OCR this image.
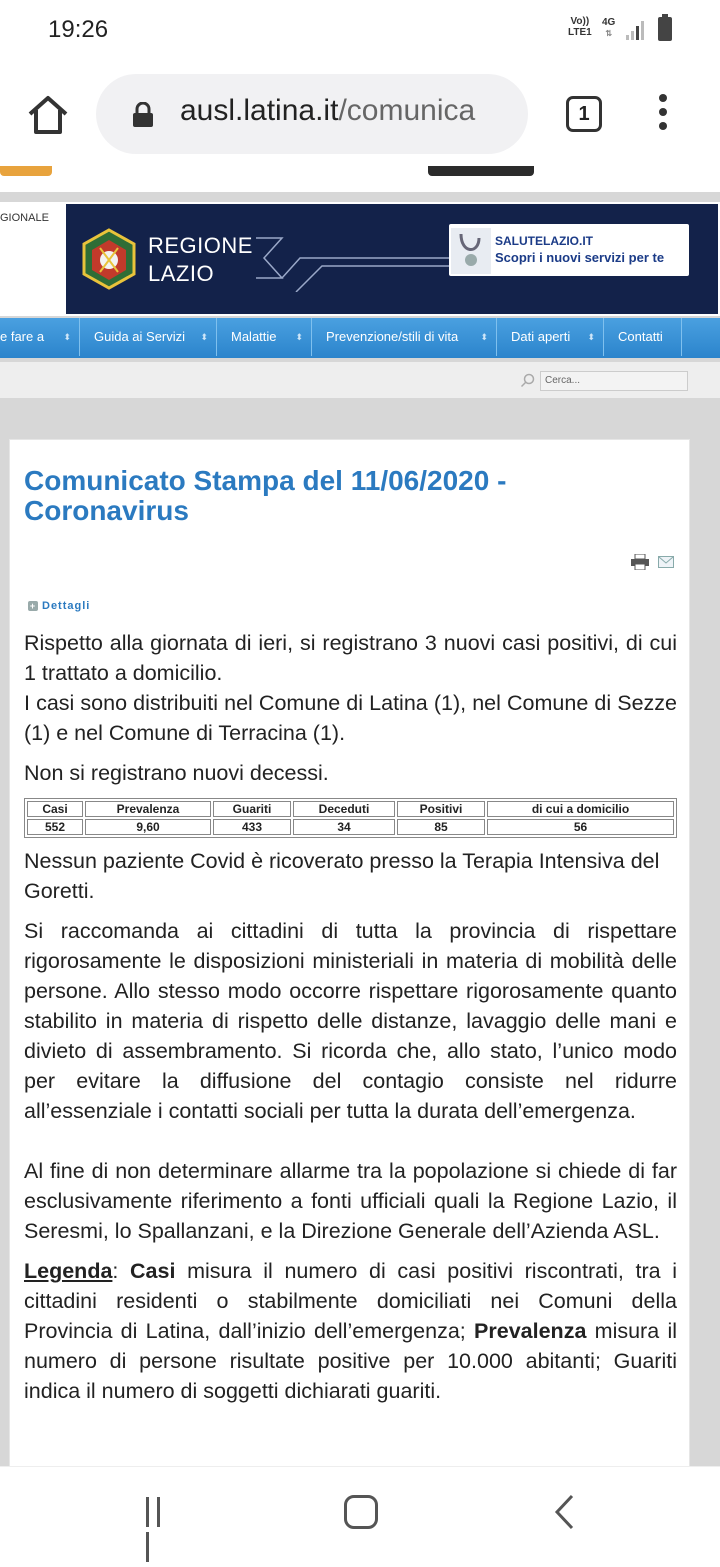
19:26	Vo))
LTE1
4G
⇅
ausl.latina.it/comunica	1
GIONALE
REGIONE
LAZIO
SALUTELAZIO.IT
Scopri i nuovi servizi per te
e fare a ⬍	Guida ai Servizi ⬍	Malattie ⬍	Prevenzione/stili di vita ⬍	Dati aperti ⬍	Contatti
Cerca...
Comunicato Stampa del 11/06/2020 - Coronavirus
+ Dettagli

Rispetto alla giornata di ieri, si registrano 3 nuovi casi positivi, di cui 1 trattato a domicilio.

I casi sono distribuiti nel Comune di Latina (1), nel Comune di Sezze (1) e nel Comune di Terracina (1).

Non si registrano nuovi decessi.

Casi	Prevalenza	Guariti	Deceduti	Positivi	di cui a domicilio
552	9,60	433	34	85	56

Nessun paziente Covid è ricoverato presso la Terapia Intensiva del Goretti.

Si raccomanda ai cittadini di tutta la provincia di rispettare rigorosamente le disposizioni ministeriali in materia di mobilità delle persone. Allo stesso modo occorre rispettare rigorosamente quanto stabilito in materia di rispetto delle distanze, lavaggio delle mani e divieto di assembramento. Si ricorda che, allo stato, l’unico modo per evitare la diffusione del contagio consiste nel ridurre all’essenziale i contatti sociali per tutta la durata dell’emergenza.

Al fine di non determinare allarme tra la popolazione si chiede di far esclusivamente riferimento a fonti ufficiali quali la Regione Lazio, il Seresmi, lo Spallanzani, e la Direzione Generale dell’Azienda ASL.

Legenda: Casi misura il numero di casi positivi riscontrati, tra i cittadini residenti o stabilmente domiciliati nei Comuni della Provincia di Latina, dall’inizio dell’emergenza; Prevalenza misura il numero di persone risultate positive per 10.000 abitanti; Guariti indica il numero di soggetti dichiarati guariti.
